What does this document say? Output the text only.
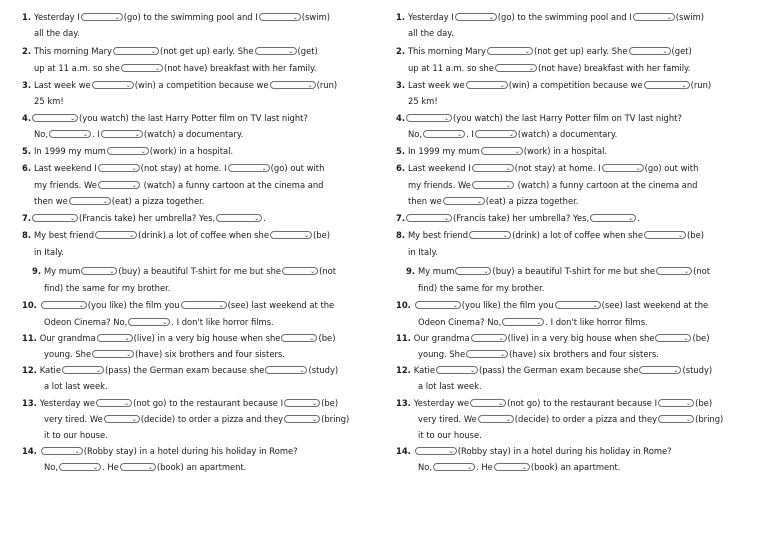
1. Yesterday I	⌄ (go) to the swimming pool and I	⌄ (swim)
all the day.
2. This morning Mary	⌄ (not get up) early. She	⌄ (get)
up at 11 a.m. so she	⌄ (not have) breakfast with her family.
3. Last week we	⌄ (win) a competition because we	⌄ (run)
25 km!
4.	⌄ (you watch) the last Harry Potter film on TV last night?
No,	⌄ . I	⌄ (watch) a documentary.
5. In 1999 my mum	⌄ (work) in a hospital.
6. Last weekend I	⌄ (not stay) at home. I	⌄ (go) out with
my friends. We	⌄ (watch) a funny cartoon at the cinema and
then we	⌄ (eat) a pizza together.
7.	⌄ (Francis take) her umbrella? Yes,	⌄ .
8. My best friend	⌄ (drink) a lot of coffee when she	⌄ (be)
in Italy.
9. My mum	⌄ (buy) a beautiful T-shirt for me but she	⌄ (not
find) the same for my brother.
10.	⌄ (you like) the film you	⌄ (see) last weekend at the
Odeon Cinema? No,	⌄ . I don't like horror films.
11. Our grandma	⌄ (live) in a very big house when she	⌄ (be)
young. She	⌄ (have) six brothers and four sisters.
12. Katie	⌄ (pass) the German exam because she	⌄ (study)
a lot last week.
13. Yesterday we	⌄ (not go) to the restaurant because I	⌄ (be)
very tired. We	⌄ (decide) to order a pizza and they	⌄ (bring)
it to our house.
14.	⌄ (Robby stay) in a hotel during his holiday in Rome?
No,	⌄ . He	⌄ (book) an apartment.
1. Yesterday I	⌄ (go) to the swimming pool and I	⌄ (swim)
all the day.
2. This morning Mary	⌄ (not get up) early. She	⌄ (get)
up at 11 a.m. so she	⌄ (not have) breakfast with her family.
3. Last week we	⌄ (win) a competition because we	⌄ (run)
25 km!
4.	⌄ (you watch) the last Harry Potter film on TV last night?
No,	⌄ . I	⌄ (watch) a documentary.
5. In 1999 my mum	⌄ (work) in a hospital.
6. Last weekend I	⌄ (not stay) at home. I	⌄ (go) out with
my friends. We	⌄ (watch) a funny cartoon at the cinema and
then we	⌄ (eat) a pizza together.
7.	⌄ (Francis take) her umbrella? Yes,	⌄ .
8. My best friend	⌄ (drink) a lot of coffee when she	⌄ (be)
in Italy.
9. My mum	⌄ (buy) a beautiful T-shirt for me but she	⌄ (not
find) the same for my brother.
10.	⌄ (you like) the film you	⌄ (see) last weekend at the
Odeon Cinema? No,	⌄ . I don't like horror films.
11. Our grandma	⌄ (live) in a very big house when she	⌄ (be)
young. She	⌄ (have) six brothers and four sisters.
12. Katie	⌄ (pass) the German exam because she	⌄ (study)
a lot last week.
13. Yesterday we	⌄ (not go) to the restaurant because I	⌄ (be)
very tired. We	⌄ (decide) to order a pizza and they	⌄ (bring)
it to our house.
14.	⌄ (Robby stay) in a hotel during his holiday in Rome?
No,	⌄ . He	⌄ (book) an apartment.
